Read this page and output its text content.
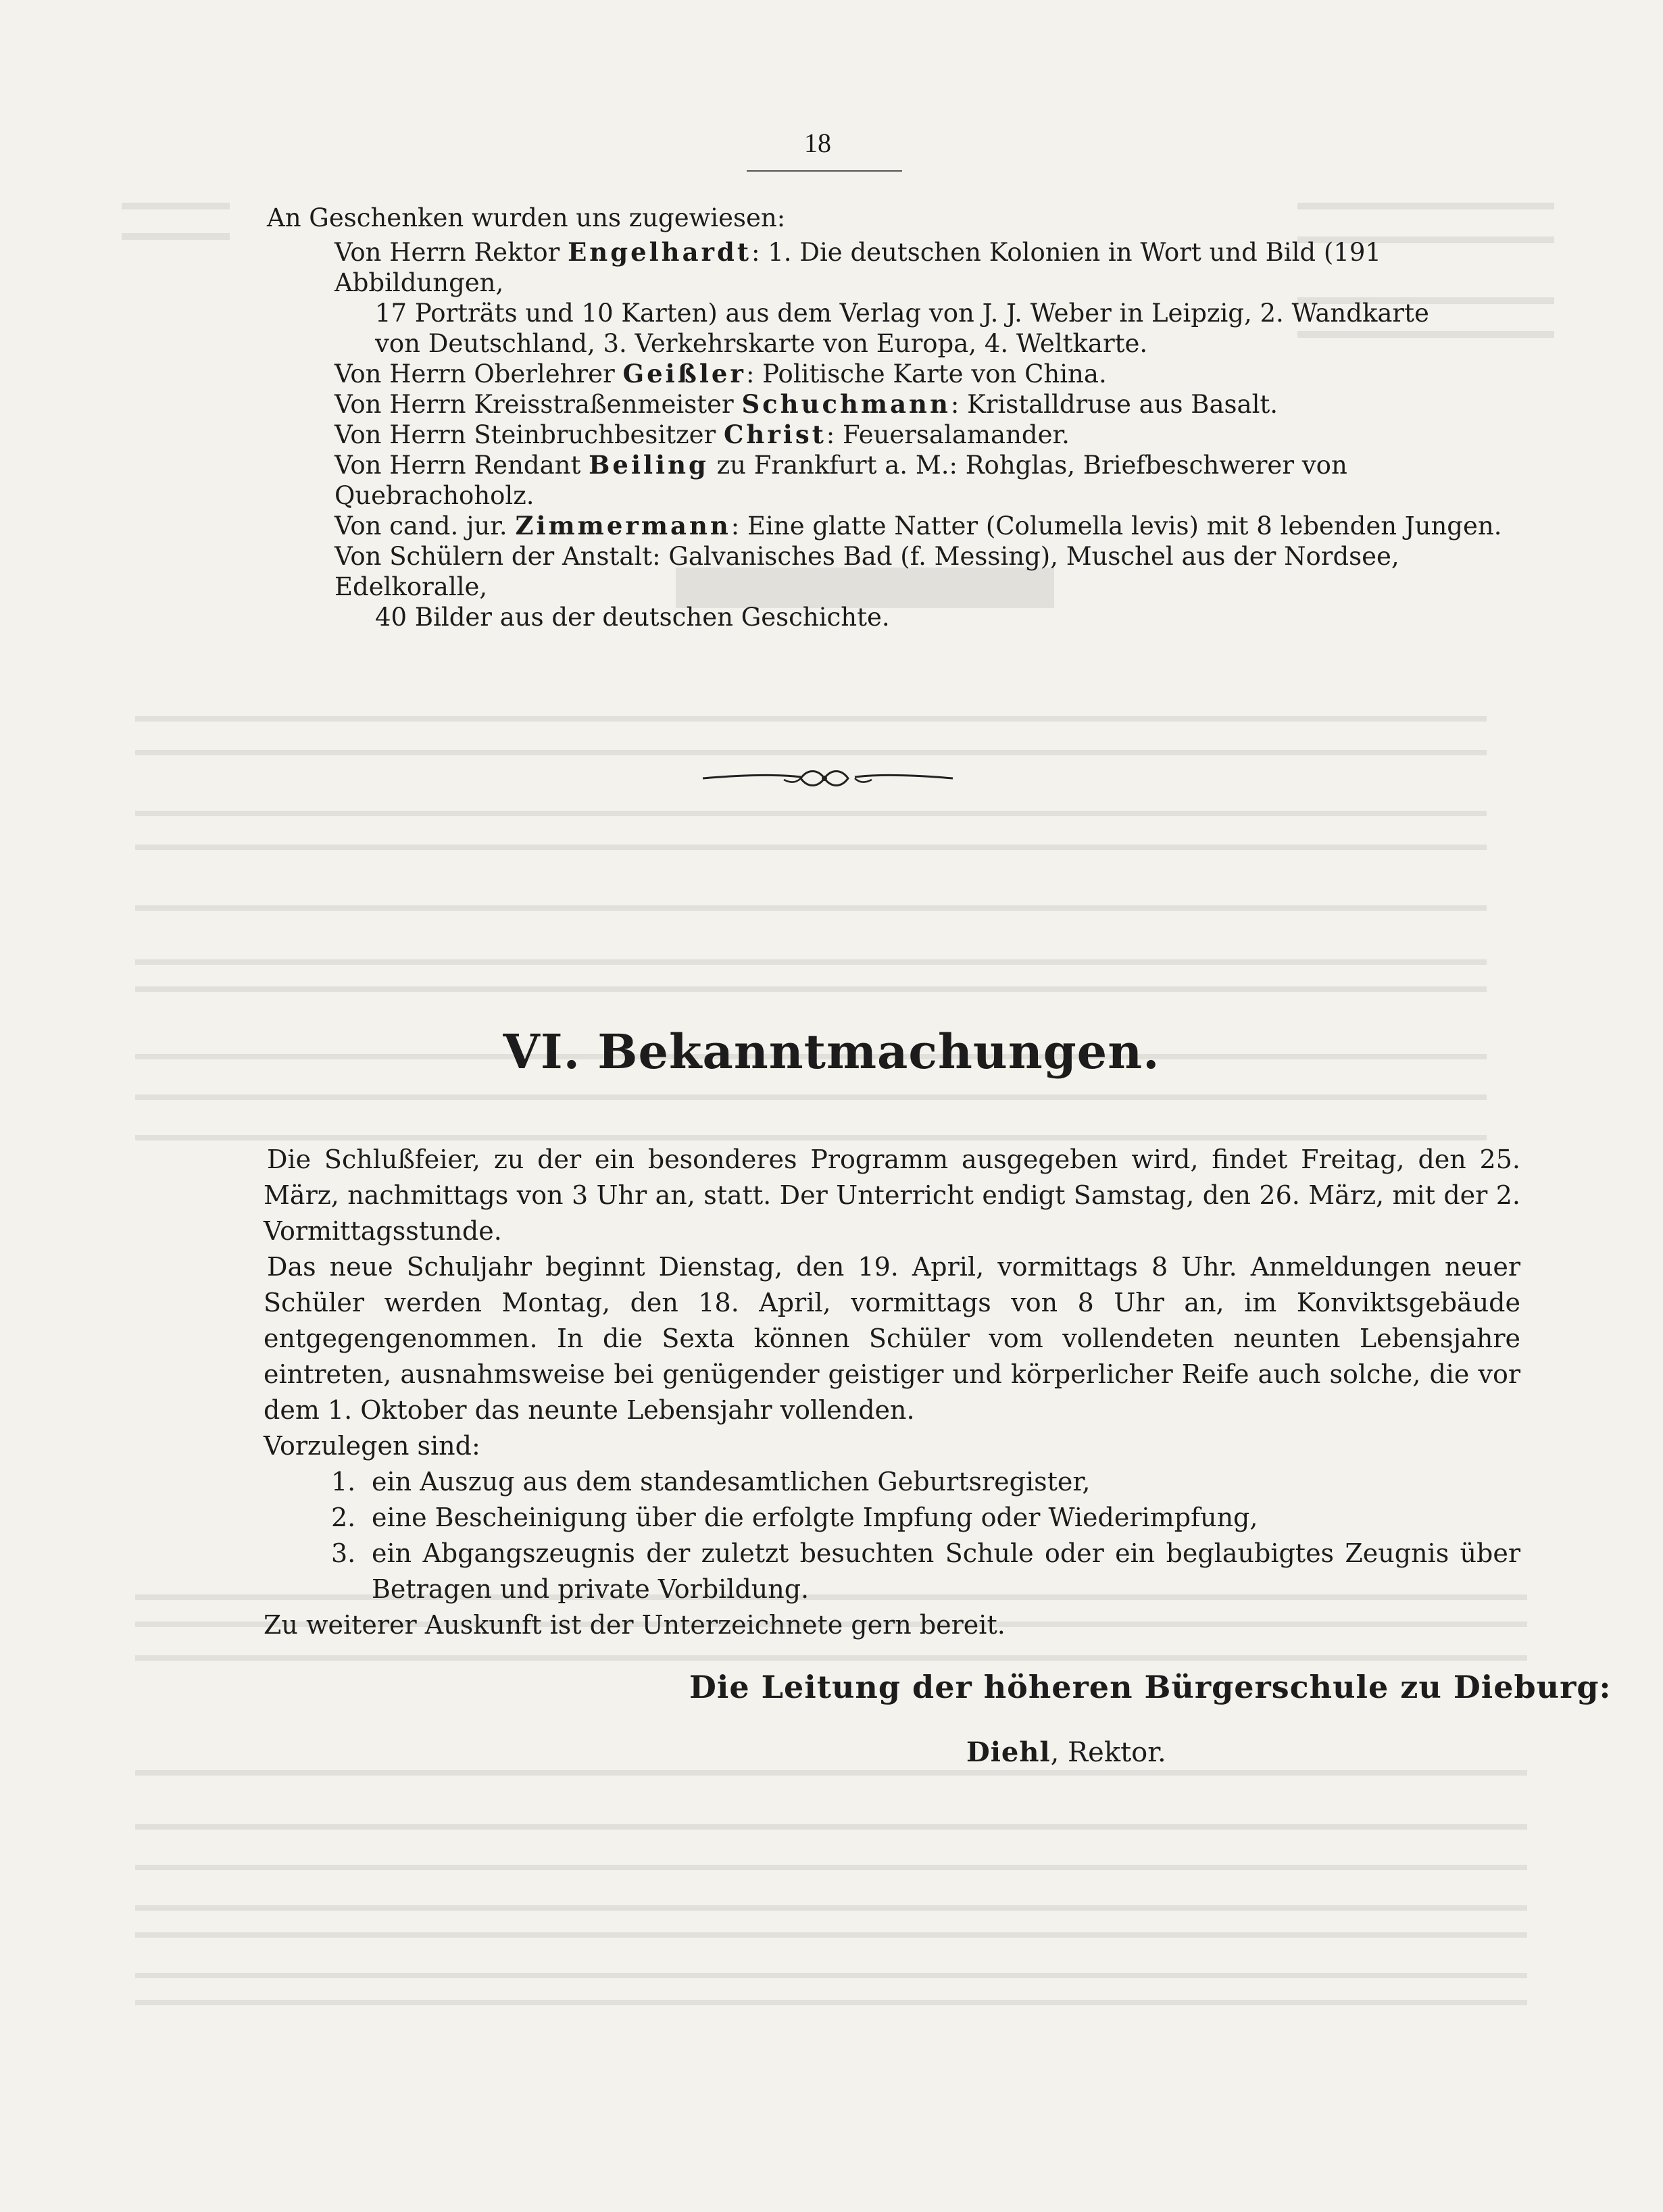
18
An Geschenken wurden uns zugewiesen:
Von Herrn Rektor Engelhardt: 1. Die deutschen Kolonien in Wort und Bild (191 Abbildungen,
17 Porträts und 10 Karten) aus dem Verlag von J. J. Weber in Leipzig, 2. Wandkarte
von Deutschland, 3. Verkehrskarte von Europa, 4. Weltkarte.
Von Herrn Oberlehrer Geißler: Politische Karte von China.
Von Herrn Kreisstraßenmeister Schuchmann: Kristalldruse aus Basalt.
Von Herrn Steinbruchbesitzer Christ: Feuersalamander.
Von Herrn Rendant Beiling zu Frankfurt a. M.: Rohglas, Briefbeschwerer von Quebrachoholz.
Von cand. jur. Zimmermann: Eine glatte Natter (Columella levis) mit 8 lebenden Jungen.
Von Schülern der Anstalt: Galvanisches Bad (f. Messing), Muschel aus der Nordsee, Edelkoralle,
40 Bilder aus der deutschen Geschichte.
VI. Bekanntmachungen.

Die Schlußfeier, zu der ein besonderes Programm ausgegeben wird, findet Freitag, den 25. März, nachmittags von 3 Uhr an, statt. Der Unterricht endigt Samstag, den 26. März, mit der 2. Vormittagsstunde.

Das neue Schuljahr beginnt Dienstag, den 19. April, vormittags 8 Uhr. Anmeldungen neuer Schüler werden Montag, den 18. April, vormittags von 8 Uhr an, im Konviktsgebäude entgegengenommen. In die Sexta können Schüler vom vollendeten neunten Lebensjahre eintreten, ausnahmsweise bei genügender geistiger und körperlicher Reife auch solche, die vor dem 1. Oktober das neunte Lebensjahr vollenden.

Vorzulegen sind:

1. ein Auszug aus dem standesamtlichen Geburtsregister,
2. eine Bescheinigung über die erfolgte Impfung oder Wiederimpfung,
3. ein Abgangszeugnis der zuletzt besuchten Schule oder ein beglaubigtes Zeugnis über Betragen und private Vorbildung.

Zu weiterer Auskunft ist der Unterzeichnete gern bereit.

Die Leitung der höheren Bürgerschule zu Dieburg:
Diehl, Rektor.
